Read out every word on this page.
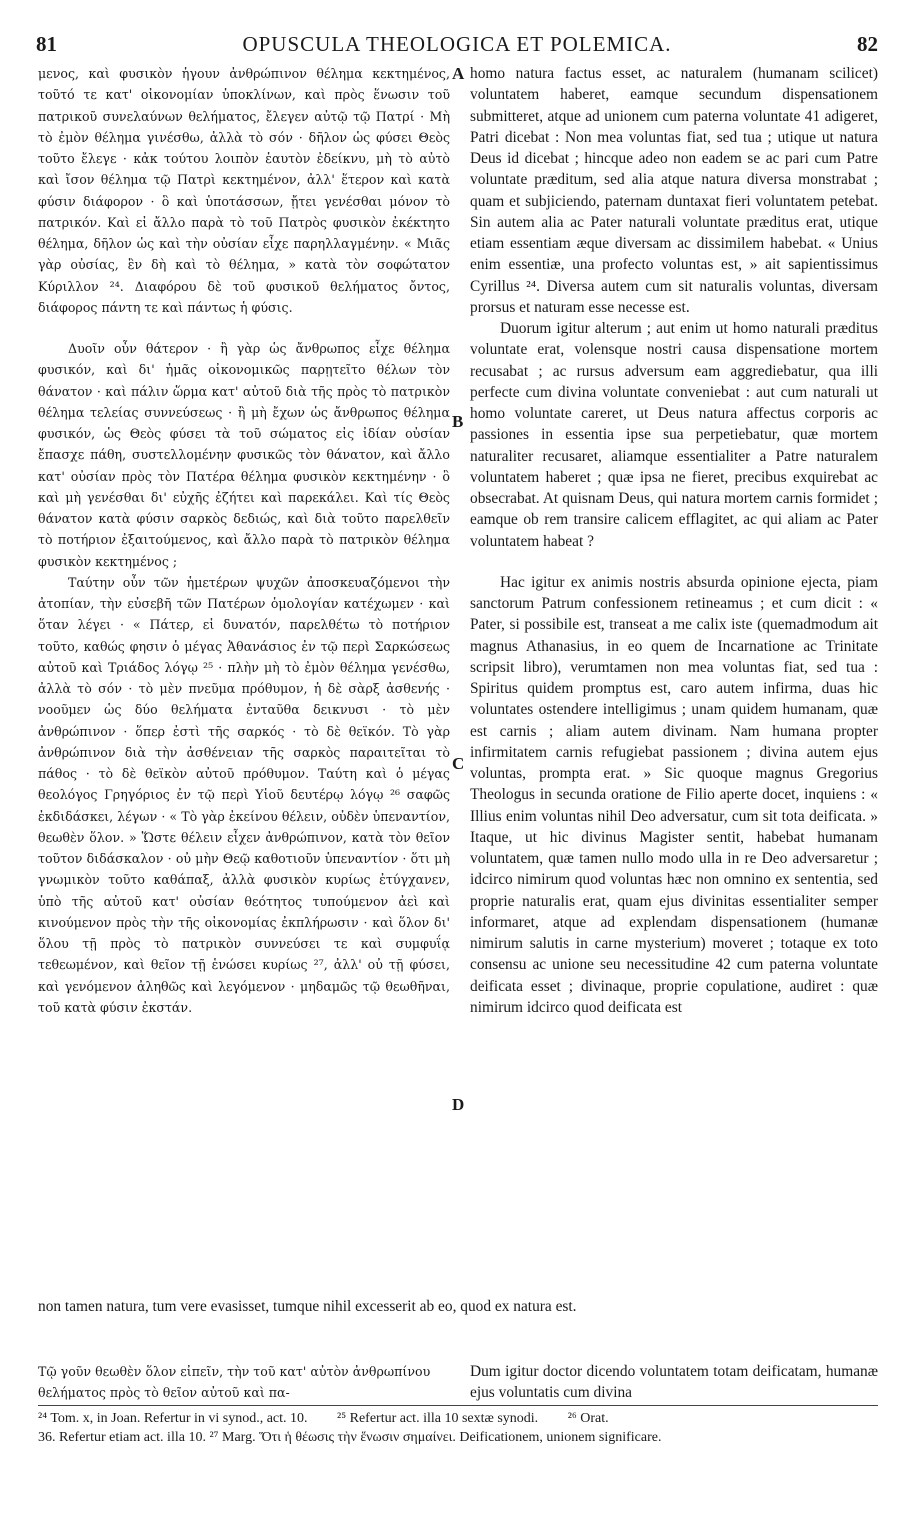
81	OPUSCULA THEOLOGICA ET POLEMICA.	82

μενος, καὶ φυσικὸν ἡγουν ἀνθρώπινον θέλημα κεκτημένος, τοῦτό τε κατ' οἰκονομίαν ὑποκλίνων, καὶ πρὸς ἕνωσιν τοῦ πατρικοῦ συνελαύνων θελήματος, ἔλεγεν αὐτῷ τῷ Πατρί · Μὴ τὸ ἐμὸν θέλημα γινέσθω, ἀλλὰ τὸ σόν · δῆλον ὡς φύσει Θεὸς τοῦτο ἔλεγε · κἀκ τούτου λοιπὸν ἑαυτὸν ἐδείκνυ, μὴ τὸ αὐτὸ καὶ ἴσον θέλημα τῷ Πατρὶ κεκτημένον, ἀλλ' ἕτερον καὶ κατὰ φύσιν διάφορον · ὃ καὶ ὑποτάσσων, ᾔτει γενέσθαι μόνον τὸ πατρικόν. Καὶ εἰ ἄλλο παρὰ τὸ τοῦ Πατρὸς φυσικὸν ἐκέκτητο θέλημα, δῆλον ὡς καὶ τὴν οὐσίαν εἶχε παρηλλαγμένην. « Μιᾶς γὰρ οὐσίας, ἓν δὴ καὶ τὸ θέλημα, » κατὰ τὸν σοφώτατον Κύριλλον ²⁴. Διαφόρου δὲ τοῦ φυσικοῦ θελήματος ὄντος, διάφορος πάντη τε καὶ πάντως ἡ φύσις.

Δυοῖν οὖν θάτερον · ἢ γὰρ ὡς ἄνθρωπος εἶχε θέλημα φυσικόν, καὶ δι' ἡμᾶς οἰκονομικῶς παρῃτεῖτο θέλων τὸν θάνατον · καὶ πάλιν ὥρμα κατ' αὐτοῦ διὰ τῆς πρὸς τὸ πατρικὸν θέλημα τελείας συννεύσεως · ἢ μὴ ἔχων ὡς ἄνθρωπος θέλημα φυσικόν, ὡς Θεὸς φύσει τὰ τοῦ σώματος εἰς ἰδίαν οὐσίαν ἔπασχε πάθη, συστελλομένην φυσικῶς τὸν θάνατον, καὶ ἄλλο κατ' οὐσίαν πρὸς τὸν Πατέρα θέλημα φυσικὸν κεκτημένην · ὃ καὶ μὴ γενέσθαι δι' εὐχῆς ἐζήτει καὶ παρεκάλει. Καὶ τίς Θεὸς θάνατον κατὰ φύσιν σαρκὸς δεδιώς, καὶ διὰ τοῦτο παρελθεῖν τὸ ποτήριον ἐξαιτούμενος, καὶ ἄλλο παρὰ τὸ πατρικὸν θέλημα φυσικὸν κεκτημένος ;

Ταύτην οὖν τῶν ἡμετέρων ψυχῶν ἀποσκευαζόμενοι τὴν ἀτοπίαν, τὴν εὐσεβῆ τῶν Πατέρων ὁμολογίαν κατέχωμεν · καὶ ὅταν λέγει · « Πάτερ, εἰ δυνατόν, παρελθέτω τὸ ποτήριον τοῦτο, καθώς φησιν ὁ μέγας Ἀθανάσιος ἐν τῷ περὶ Σαρκώσεως αὐτοῦ καὶ Τριάδος λόγῳ ²⁵ · πλὴν μὴ τὸ ἐμὸν θέλημα γενέσθω, ἀλλὰ τὸ σόν · τὸ μὲν πνεῦμα πρόθυμον, ἡ δὲ σὰρξ ἀσθενής · νοοῦμεν ὡς δύο θελήματα ἐνταῦθα δεικνυσι · τὸ μὲν ἀνθρώπινον · ὅπερ ἐστὶ τῆς σαρκός · τὸ δὲ θεϊκόν. Τὸ γὰρ ἀνθρώπινον διὰ τὴν ἀσθένειαν τῆς σαρκὸς παραιτεῖται τὸ πάθος · τὸ δὲ θεϊκὸν αὐτοῦ πρόθυμον. Ταύτη καὶ ὁ μέγας θεολόγος Γρηγόριος ἐν τῷ περὶ Υἱοῦ δευτέρῳ λόγῳ ²⁶ σαφῶς ἐκδιδάσκει, λέγων · « Τὸ γὰρ ἐκείνου θέλειν, οὐδὲν ὑπεναντίον, θεωθὲν ὅλον. » Ὥστε θέλειν εἶχεν ἀνθρώπινον, κατὰ τὸν θεῖον τοῦτον διδάσκαλον · οὐ μὴν Θεῷ καθοτιοῦν ὑπεναντίον · ὅτι μὴ γνωμικὸν τοῦτο καθάπαξ, ἀλλὰ φυσικὸν κυρίως ἐτύγχανεν, ὑπὸ τῆς αὐτοῦ κατ' οὐσίαν θεότητος τυπούμενον ἀεὶ καὶ κινούμενον πρὸς τὴν τῆς οἰκονομίας ἐκπλήρωσιν · καὶ ὅλον δι' ὅλου τῇ πρὸς τὸ πατρικὸν συννεύσει τε καὶ συμφυΐᾳ τεθεωμένον, καὶ θεῖον τῇ ἑνώσει κυρίως ²⁷, ἀλλ' οὐ τῇ φύσει, καὶ γενόμενον ἀληθῶς καὶ λεγόμενον · μηδαμῶς τῷ θεωθῆναι, τοῦ κατὰ φύσιν ἐκστάν.

homo natura factus esset, ac naturalem (humanam scilicet) voluntatem haberet, eamque secundum dispensationem submitteret, atque ad unionem cum paterna voluntate 41 adigeret, Patri dicebat : Non mea voluntas fiat, sed tua ; utique ut natura Deus id dicebat ; hincque adeo non eadem se ac pari cum Patre voluntate præditum, sed alia atque natura diversa monstrabat ; quam et subjiciendo, paternam duntaxat fieri voluntatem petebat. Sin autem alia ac Pater naturali voluntate præditus erat, utique etiam essentiam æque diversam ac dissimilem habebat. « Unius enim essentiæ, una profecto voluntas est, » ait sapientissimus Cyrillus ²⁴. Diversa autem cum sit naturalis voluntas, diversam prorsus et naturam esse necesse est.

Duorum igitur alterum ; aut enim ut homo naturali præditus voluntate erat, volensque nostri causa dispensatione mortem recusabat ; ac rursus adversum eam aggrediebatur, qua illi perfecte cum divina voluntate conveniebat : aut cum naturali ut homo voluntate careret, ut Deus natura affectus corporis ac passiones in essentia ipse sua perpetiebatur, quæ mortem naturaliter recusaret, aliamque essentialiter a Patre naturalem voluntatem haberet ; quæ ipsa ne fieret, precibus exquirebat ac obsecrabat. At quisnam Deus, qui natura mortem carnis formidet ; eamque ob rem transire calicem efflagitet, ac qui aliam ac Pater voluntatem habeat ?

Hac igitur ex animis nostris absurda opinione ejecta, piam sanctorum Patrum confessionem retineamus ; et cum dicit : « Pater, si possibile est, transeat a me calix iste (quemadmodum ait magnus Athanasius, in eo quem de Incarnatione ac Trinitate scripsit libro), verumtamen non mea voluntas fiat, sed tua : Spiritus quidem promptus est, caro autem infirma, duas hic voluntates ostendere intelligimus ; unam quidem humanam, quæ est carnis ; aliam autem divinam. Nam humana propter infirmitatem carnis refugiebat passionem ; divina autem ejus voluntas, prompta erat. » Sic quoque magnus Gregorius Theologus in secunda oratione de Filio aperte docet, inquiens : « Illius enim voluntas nihil Deo adversatur, cum sit tota deificata. » Itaque, ut hic divinus Magister sentit, habebat humanam voluntatem, quæ tamen nullo modo ulla in re Deo adversaretur ; idcirco nimirum quod voluntas hæc non omnino ex sententia, sed proprie naturalis erat, quam ejus divinitas essentialiter semper informaret, atque ad explendam dispensationem (humanæ nimirum salutis in carne mysterium) moveret ; totaque ex toto consensu ac unione seu necessitudine 42 cum paterna voluntate deificata esset ; divinaque, proprie copulatione, audiret : quæ nimirum idcirco quod deificata est

A
B
C
D
non tamen natura, tum vere evasisset, tumque nihil excesserit ab eo, quod ex natura est.
Τῷ γοῦν θεωθὲν ὅλον εἰπεῖν, τὴν τοῦ κατ' αὐτὸν ἀνθρωπίνου θελήματος πρὸς τὸ θεῖον αὐτοῦ καὶ πα-
Dum igitur doctor dicendo voluntatem totam deificatam, humanæ ejus voluntatis cum divina
²⁴ Tom. x, in Joan. Refertur in vi synod., act. 10. ²⁵ Refertur act. illa 10 sextæ synodi. ²⁶ Orat.
36. Refertur etiam act. illa 10. ²⁷ Marg. Ὅτι ἡ θέωσις τὴν ἕνωσιν σημαίνει. Deificationem, unionem significare.
